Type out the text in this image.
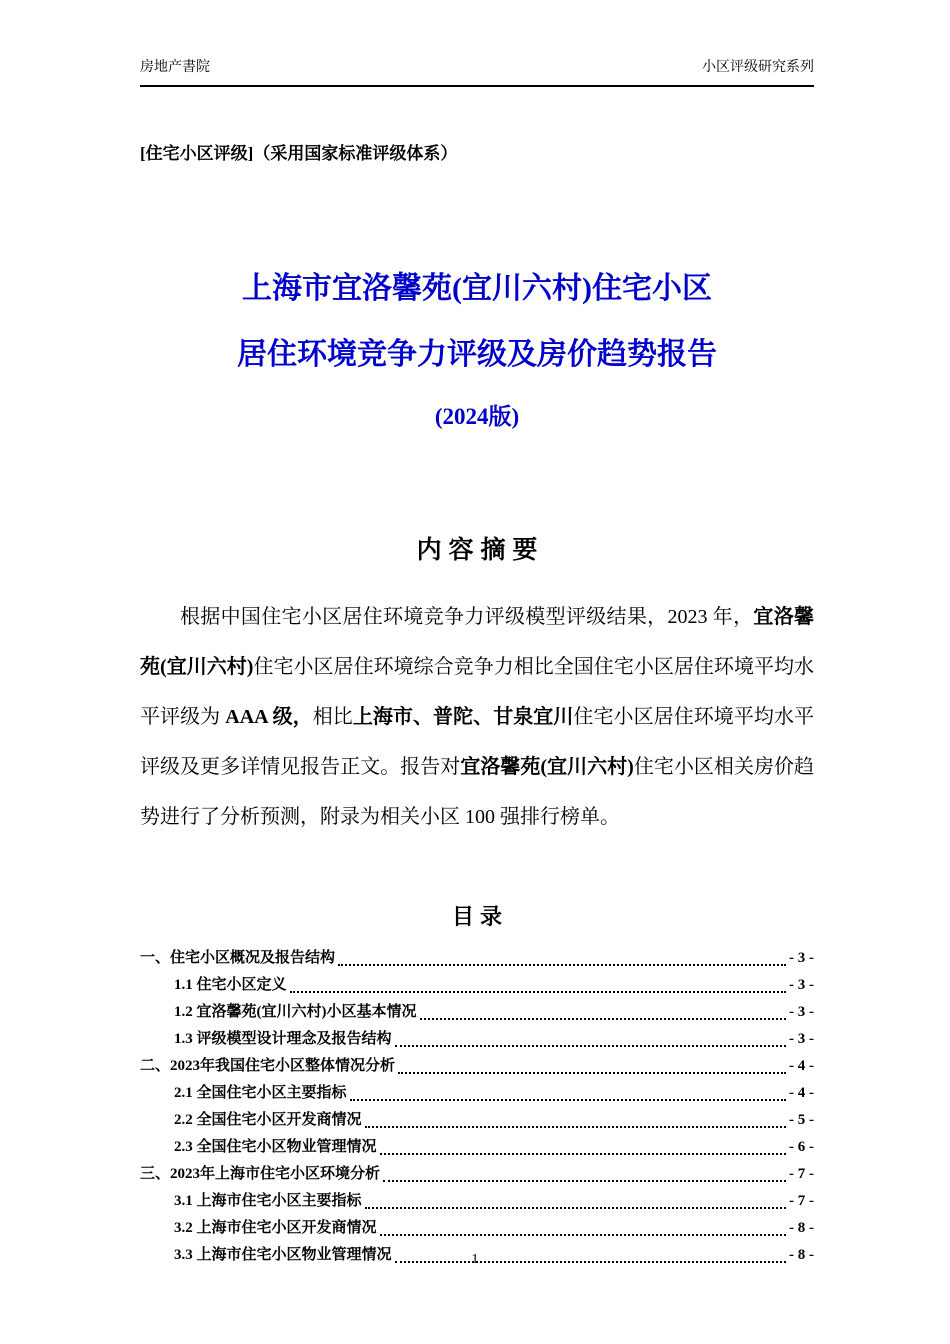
房地产書院	小区评级研究系列
[住宅小区评级]（采用国家标准评级体系）
上海市宜洛馨苑(宜川六村)住宅小区
居住环境竞争力评级及房价趋势报告
(2024版)
内 容 摘 要

根据中国住宅小区居住环境竞争力评级模型评级结果，2023 年，宜洛馨苑(宜川六村)住宅小区居住环境综合竞争力相比全国住宅小区居住环境平均水平评级为 AAA 级，相比上海市、普陀、甘泉宜川住宅小区居住环境平均水平评级及更多详情见报告正文。报告对宜洛馨苑(宜川六村)住宅小区相关房价趋势进行了分析预测，附录为相关小区 100 强排行榜单。

目 录
一、住宅小区概况及报告结构	- 3 -
1.1 住宅小区定义	- 3 -
1.2 宜洛馨苑(宜川六村)小区基本情况	- 3 -
1.3 评级模型设计理念及报告结构	- 3 -
二、2023年我国住宅小区整体情况分析	- 4 -
2.1 全国住宅小区主要指标	- 4 -
2.2 全国住宅小区开发商情况	- 5 -
2.3 全国住宅小区物业管理情况	- 6 -
三、2023年上海市住宅小区环境分析	- 7 -
3.1 上海市住宅小区主要指标	- 7 -
3.2 上海市住宅小区开发商情况	- 8 -
3.3 上海市住宅小区物业管理情况	- 8 -
1
